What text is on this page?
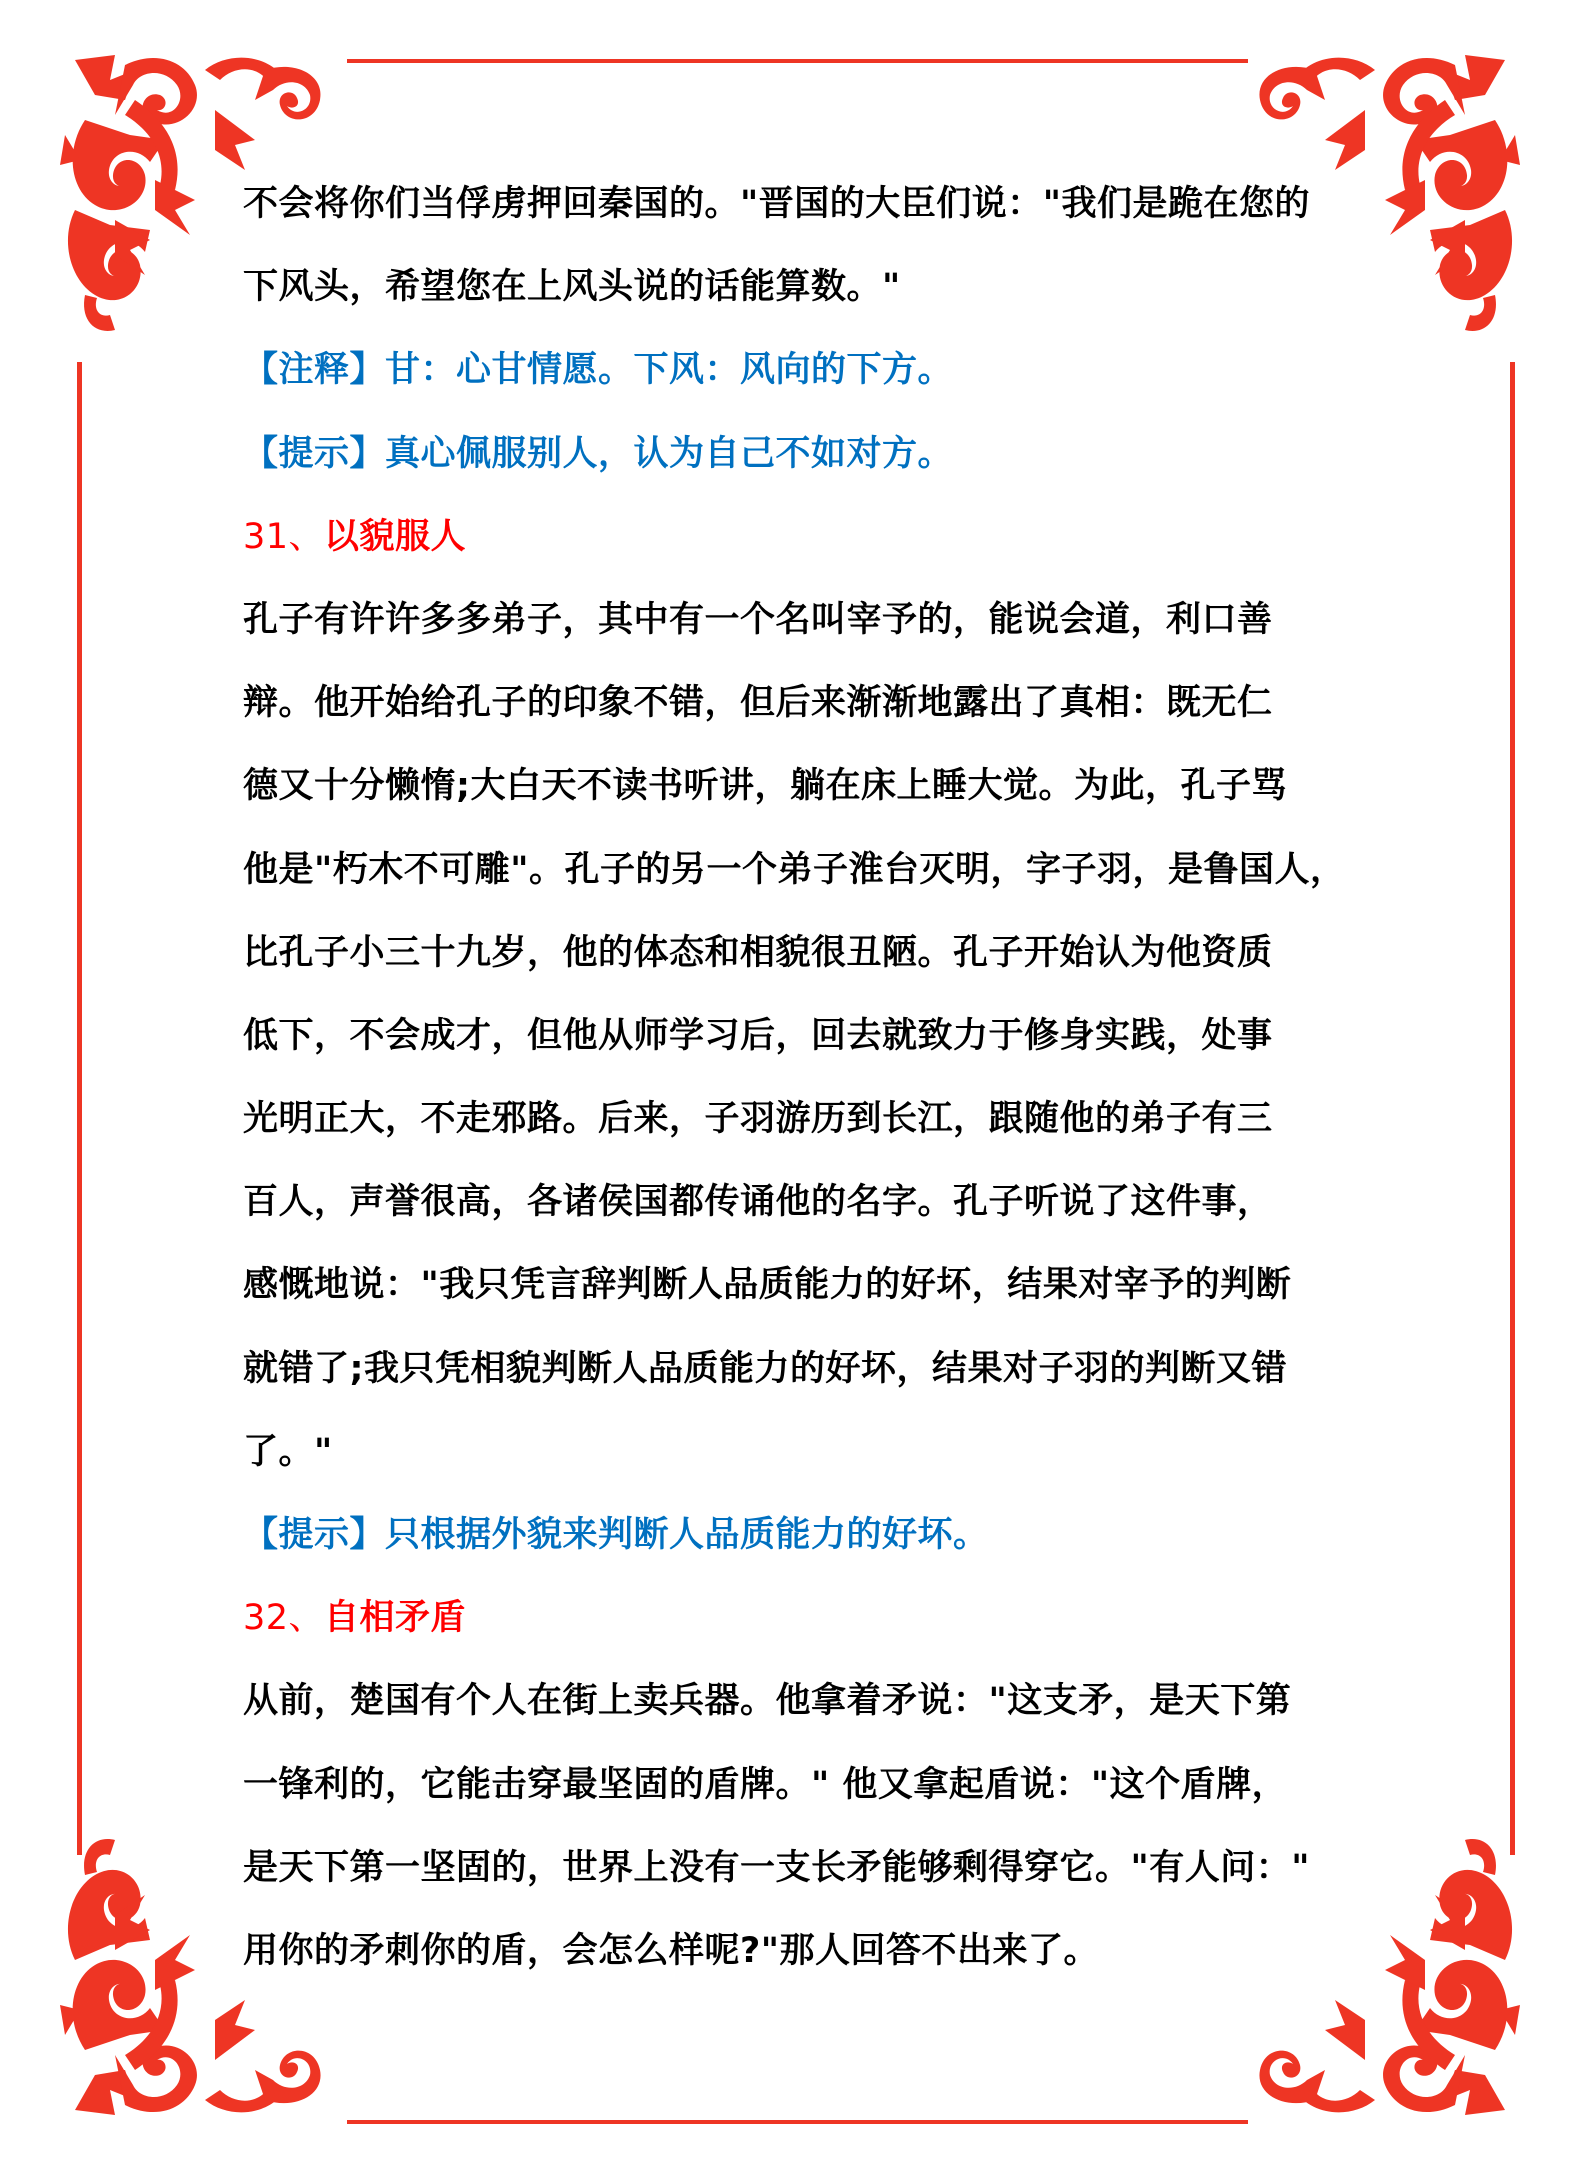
不会将你们当俘虏押回秦国的。"晋国的大臣们说："我们是跪在您的
下风头，希望您在上风头说的话能算数。"
【注释】甘：心甘情愿。下风：风向的下方。
【提示】真心佩服别人，认为自己不如对方。
31、以貌服人
孔子有许许多多弟子，其中有一个名叫宰予的，能说会道，利口善
辩。他开始给孔子的印象不错，但后来渐渐地露出了真相：既无仁
德又十分懒惰;大白天不读书听讲，躺在床上睡大觉。为此，孔子骂
他是"朽木不可雕"。孔子的另一个弟子淮台灭明，字子羽，是鲁国人，
比孔子小三十九岁，他的体态和相貌很丑陋。孔子开始认为他资质
低下，不会成才，但他从师学习后，回去就致力于修身实践，处事
光明正大，不走邪路。后来，子羽游历到长江，跟随他的弟子有三
百人，声誉很高，各诸侯国都传诵他的名字。孔子听说了这件事，
感慨地说："我只凭言辞判断人品质能力的好坏，结果对宰予的判断
就错了;我只凭相貌判断人品质能力的好坏，结果对子羽的判断又错
了。"
【提示】只根据外貌来判断人品质能力的好坏。
32、自相矛盾
从前，楚国有个人在街上卖兵器。他拿着矛说："这支矛，是天下第
一锋利的，它能击穿最坚固的盾牌。" 他又拿起盾说："这个盾牌，
是天下第一坚固的，世界上没有一支长矛能够剩得穿它。"有人问："
用你的矛刺你的盾，会怎么样呢?"那人回答不出来了。
